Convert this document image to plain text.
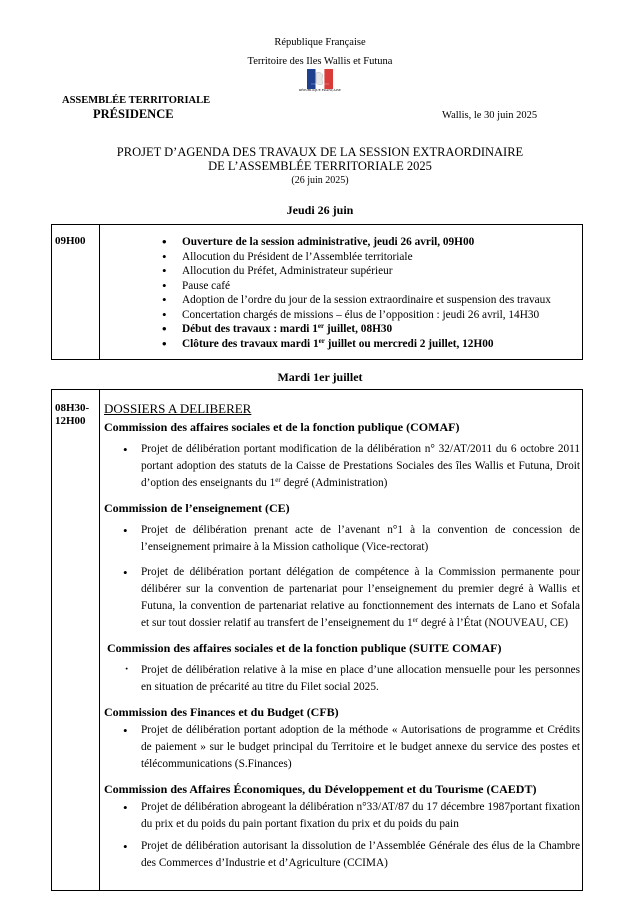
République Française
Territoire des Iles Wallis et Futuna
RÉPUBLIQUE FRANÇAISE
ASSEMBLÉE TERRITORIALE
PRÉSIDENCE	Wallis, le 30 juin 2025
PROJET D’AGENDA DES TRAVAUX DE LA SESSION EXTRAORDINAIRE
DE L’ASSEMBLÉE TERRITORIALE 2025
(26 juin 2025)
Jeudi 26 juin
09H00	
•Ouverture de la session administrative, jeudi 26 avril, 09H00
• Allocution du Président de l’Assemblée territoriale
• Allocution du Préfet, Administrateur supérieur
• Pause café
• Adoption de l’ordre du jour de la session extraordinaire et suspension des travaux
• Concertation chargés de missions – élus de l’opposition : jeudi 26 avril, 14H30
• Début des travaux : mardi 1er juillet, 08H30
• Clôture des travaux mardi 1er juillet ou mercredi 2 juillet, 12H00
Mardi 1er juillet
08H30-
12H00

DOSSIERS A DELIBERER

Commission des affaires sociales et de la fonction publique (COMAF)

• Projet de délibération portant modification de la délibération n° 32/AT/2011 du 6 octobre 2011 portant adoption des statuts de la Caisse de Prestations Sociales des îles Wallis et Futuna, Droit d’option des enseignants du 1er degré (Administration)

Commission de l’enseignement (CE)

• Projet de délibération prenant acte de l’avenant n°1 à la convention de concession de l’enseignement primaire à la Mission catholique (Vice-rectorat)
• Projet de délibération portant délégation de compétence à la Commission permanente pour délibérer sur la convention de partenariat pour l’enseignement du premier degré à Wallis et Futuna, la convention de partenariat relative au fonctionnement des internats de Lano et Sofala et sur tout dossier relatif au transfert de l’enseignement du 1er degré à l’État (NOUVEAU, CE)

Commission des affaires sociales et de la fonction publique (SUITE COMAF)

· Projet de délibération relative à la mise en place d’une allocation mensuelle pour les personnes en situation de précarité au titre du Filet social 2025.

Commission des Finances et du Budget (CFB)

• Projet de délibération portant adoption de la méthode « Autorisations de programme et Crédits de paiement » sur le budget principal du Territoire et le budget annexe du service des postes et télécommunications (S.Finances)

Commission des Affaires Économiques, du Développement et du Tourisme (CAEDT)

• Projet de délibération abrogeant la délibération n°33/AT/87 du 17 décembre 1987portant fixation du prix et du poids du pain portant fixation du prix et du poids du pain
• Projet de délibération autorisant la dissolution de l’Assemblée Générale des élus de la Chambre des Commerces d’Industrie et d’Agriculture (CCIMA)
